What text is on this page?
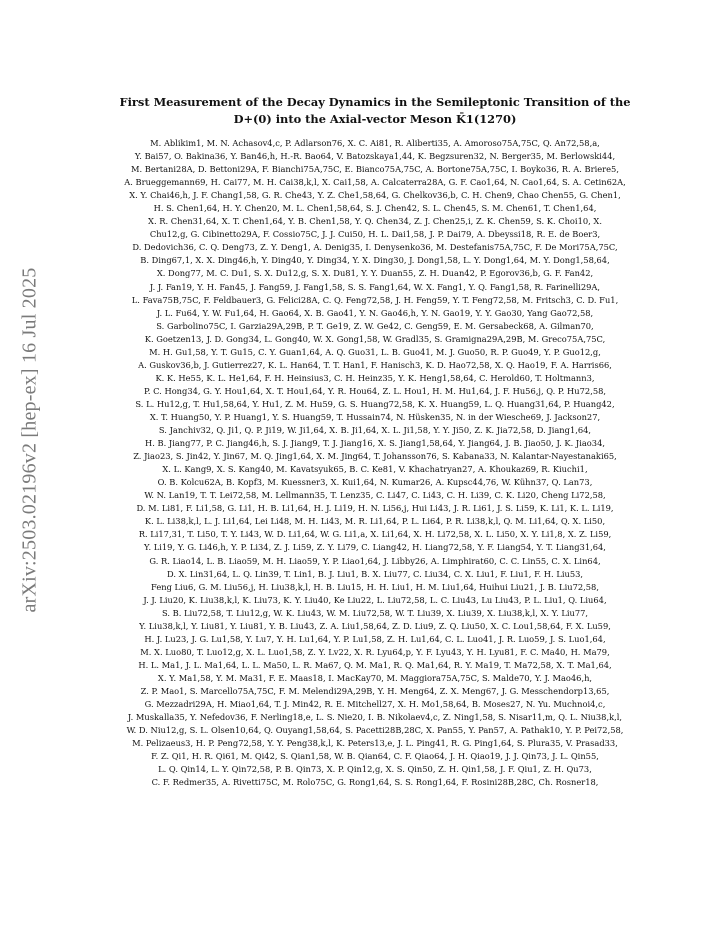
arXiv:2503.02196v2 [hep-ex] 16 Jul 2025
First Measurement of the Decay Dynamics in the Semileptonic Transition of the
D+(0) into the Axial-vector Meson K̄1(1270)

M. Ablikim1, M. N. Achasov4,c, P. Adlarson76, X. C. Ai81, R. Aliberti35, A. Amoroso75A,75C, Q. An72,58,a,
Y. Bai57, O. Bakina36, Y. Ban46,h, H.-R. Bao64, V. Batozskaya1,44, K. Begzsuren32, N. Berger35, M. Berlowski44,
M. Bertani28A, D. Bettoni29A, F. Bianchi75A,75C, E. Bianco75A,75C, A. Bortone75A,75C, I. Boyko36, R. A. Briere5,
A. Brueggemann69, H. Cai77, M. H. Cai38,k,l, X. Cai1,58, A. Calcaterra28A, G. F. Cao1,64, N. Cao1,64, S. A. Cetin62A,
X. Y. Chai46,h, J. F. Chang1,58, G. R. Che43, Y. Z. Che1,58,64, G. Chelkov36,b, C. H. Chen9, Chao Chen55, G. Chen1,
H. S. Chen1,64, H. Y. Chen20, M. L. Chen1,58,64, S. J. Chen42, S. L. Chen45, S. M. Chen61, T. Chen1,64,
X. R. Chen31,64, X. T. Chen1,64, Y. B. Chen1,58, Y. Q. Chen34, Z. J. Chen25,i, Z. K. Chen59, S. K. Choi10, X.
Chu12,g, G. Cibinetto29A, F. Cossio75C, J. J. Cui50, H. L. Dai1,58, J. P. Dai79, A. Dbeyssi18, R. E. de Boer3,
D. Dedovich36, C. Q. Deng73, Z. Y. Deng1, A. Denig35, I. Denysenko36, M. Destefanis75A,75C, F. De Mori75A,75C,
B. Ding67,1, X. X. Ding46,h, Y. Ding40, Y. Ding34, Y. X. Ding30, J. Dong1,58, L. Y. Dong1,64, M. Y. Dong1,58,64,
X. Dong77, M. C. Du1, S. X. Du12,g, S. X. Du81, Y. Y. Duan55, Z. H. Duan42, P. Egorov36,b, G. F. Fan42,
J. J. Fan19, Y. H. Fan45, J. Fang59, J. Fang1,58, S. S. Fang1,64, W. X. Fang1, Y. Q. Fang1,58, R. Farinelli29A,
L. Fava75B,75C, F. Feldbauer3, G. Felici28A, C. Q. Feng72,58, J. H. Feng59, Y. T. Feng72,58, M. Fritsch3, C. D. Fu1,
J. L. Fu64, Y. W. Fu1,64, H. Gao64, X. B. Gao41, Y. N. Gao46,h, Y. N. Gao19, Y. Y. Gao30, Yang Gao72,58,
S. Garbolino75C, I. Garzia29A,29B, P. T. Ge19, Z. W. Ge42, C. Geng59, E. M. Gersabeck68, A. Gilman70,
K. Goetzen13, J. D. Gong34, L. Gong40, W. X. Gong1,58, W. Gradl35, S. Gramigna29A,29B, M. Greco75A,75C,
M. H. Gu1,58, Y. T. Gu15, C. Y. Guan1,64, A. Q. Guo31, L. B. Guo41, M. J. Guo50, R. P. Guo49, Y. P. Guo12,g,
A. Guskov36,b, J. Gutierrez27, K. L. Han64, T. T. Han1, F. Hanisch3, K. D. Hao72,58, X. Q. Hao19, F. A. Harris66,
K. K. He55, K. L. He1,64, F. H. Heinsius3, C. H. Heinz35, Y. K. Heng1,58,64, C. Herold60, T. Holtmann3,
P. C. Hong34, G. Y. Hou1,64, X. T. Hou1,64, Y. R. Hou64, Z. L. Hou1, H. M. Hu1,64, J. F. Hu56,j, Q. P. Hu72,58,
S. L. Hu12,g, T. Hu1,58,64, Y. Hu1, Z. M. Hu59, G. S. Huang72,58, K. X. Huang59, L. Q. Huang31,64, P. Huang42,
X. T. Huang50, Y. P. Huang1, Y. S. Huang59, T. Hussain74, N. Hüsken35, N. in der Wiesche69, J. Jackson27,
S. Janchiv32, Q. Ji1, Q. P. Ji19, W. Ji1,64, X. B. Ji1,64, X. L. Ji1,58, Y. Y. Ji50, Z. K. Jia72,58, D. Jiang1,64,
H. B. Jiang77, P. C. Jiang46,h, S. J. Jiang9, T. J. Jiang16, X. S. Jiang1,58,64, Y. Jiang64, J. B. Jiao50, J. K. Jiao34,
Z. Jiao23, S. Jin42, Y. Jin67, M. Q. Jing1,64, X. M. Jing64, T. Johansson76, S. Kabana33, N. Kalantar-Nayestanaki65,
X. L. Kang9, X. S. Kang40, M. Kavatsyuk65, B. C. Ke81, V. Khachatryan27, A. Khoukaz69, R. Kiuchi1,
O. B. Kolcu62A, B. Kopf3, M. Kuessner3, X. Kui1,64, N. Kumar26, A. Kupsc44,76, W. Kühn37, Q. Lan73,
W. N. Lan19, T. T. Lei72,58, M. Lellmann35, T. Lenz35, C. Li47, C. Li43, C. H. Li39, C. K. Li20, Cheng Li72,58,
D. M. Li81, F. Li1,58, G. Li1, H. B. Li1,64, H. J. Li19, H. N. Li56,j, Hui Li43, J. R. Li61, J. S. Li59, K. Li1, K. L. Li19,
K. L. Li38,k,l, L. J. Li1,64, Lei Li48, M. H. Li43, M. R. Li1,64, P. L. Li64, P. R. Li38,k,l, Q. M. Li1,64, Q. X. Li50,
R. Li17,31, T. Li50, T. Y. Li43, W. D. Li1,64, W. G. Li1,a, X. Li1,64, X. H. Li72,58, X. L. Li50, X. Y. Li1,8, X. Z. Li59,
Y. Li19, Y. G. Li46,h, Y. P. Li34, Z. J. Li59, Z. Y. Li79, C. Liang42, H. Liang72,58, Y. F. Liang54, Y. T. Liang31,64,
G. R. Liao14, L. B. Liao59, M. H. Liao59, Y. P. Liao1,64, J. Libby26, A. Limphirat60, C. C. Lin55, C. X. Lin64,
D. X. Lin31,64, L. Q. Lin39, T. Lin1, B. J. Liu1, B. X. Liu77, C. Liu34, C. X. Liu1, F. Liu1, F. H. Liu53,
Feng Liu6, G. M. Liu56,j, H. Liu38,k,l, H. B. Liu15, H. H. Liu1, H. M. Liu1,64, Huihui Liu21, J. B. Liu72,58,
J. J. Liu20, K. Liu38,k,l, K. Liu73, K. Y. Liu40, Ke Liu22, L. Liu72,58, L. C. Liu43, Lu Liu43, P. L. Liu1, Q. Liu64,
S. B. Liu72,58, T. Liu12,g, W. K. Liu43, W. M. Liu72,58, W. T. Liu39, X. Liu39, X. Liu38,k,l, X. Y. Liu77,
Y. Liu38,k,l, Y. Liu81, Y. Liu81, Y. B. Liu43, Z. A. Liu1,58,64, Z. D. Liu9, Z. Q. Liu50, X. C. Lou1,58,64, F. X. Lu59,
H. J. Lu23, J. G. Lu1,58, Y. Lu7, Y. H. Lu1,64, Y. P. Lu1,58, Z. H. Lu1,64, C. L. Luo41, J. R. Luo59, J. S. Luo1,64,
M. X. Luo80, T. Luo12,g, X. L. Luo1,58, Z. Y. Lv22, X. R. Lyu64,p, Y. F. Lyu43, Y. H. Lyu81, F. C. Ma40, H. Ma79,
H. L. Ma1, J. L. Ma1,64, L. L. Ma50, L. R. Ma67, Q. M. Ma1, R. Q. Ma1,64, R. Y. Ma19, T. Ma72,58, X. T. Ma1,64,
X. Y. Ma1,58, Y. M. Ma31, F. E. Maas18, I. MacKay70, M. Maggiora75A,75C, S. Malde70, Y. J. Mao46,h,
Z. P. Mao1, S. Marcello75A,75C, F. M. Melendi29A,29B, Y. H. Meng64, Z. X. Meng67, J. G. Messchendorp13,65,
G. Mezzadri29A, H. Miao1,64, T. J. Min42, R. E. Mitchell27, X. H. Mo1,58,64, B. Moses27, N. Yu. Muchnoi4,c,
J. Muskalla35, Y. Nefedov36, F. Nerling18,e, L. S. Nie20, I. B. Nikolaev4,c, Z. Ning1,58, S. Nisar11,m, Q. L. Niu38,k,l,
W. D. Niu12,g, S. L. Olsen10,64, Q. Ouyang1,58,64, S. Pacetti28B,28C, X. Pan55, Y. Pan57, A. Pathak10, Y. P. Pei72,58,
M. Pelizaeus3, H. P. Peng72,58, Y. Y. Peng38,k,l, K. Peters13,e, J. L. Ping41, R. G. Ping1,64, S. Plura35, V. Prasad33,
F. Z. Qi1, H. R. Qi61, M. Qi42, S. Qian1,58, W. B. Qian64, C. F. Qiao64, J. H. Qiao19, J. J. Qin73, J. L. Qin55,
L. Q. Qin14, L. Y. Qin72,58, P. B. Qin73, X. P. Qin12,g, X. S. Qin50, Z. H. Qin1,58, J. F. Qiu1, Z. H. Qu73,
C. F. Redmer35, A. Rivetti75C, M. Rolo75C, G. Rong1,64, S. S. Rong1,64, F. Rosini28B,28C, Ch. Rosner18,
